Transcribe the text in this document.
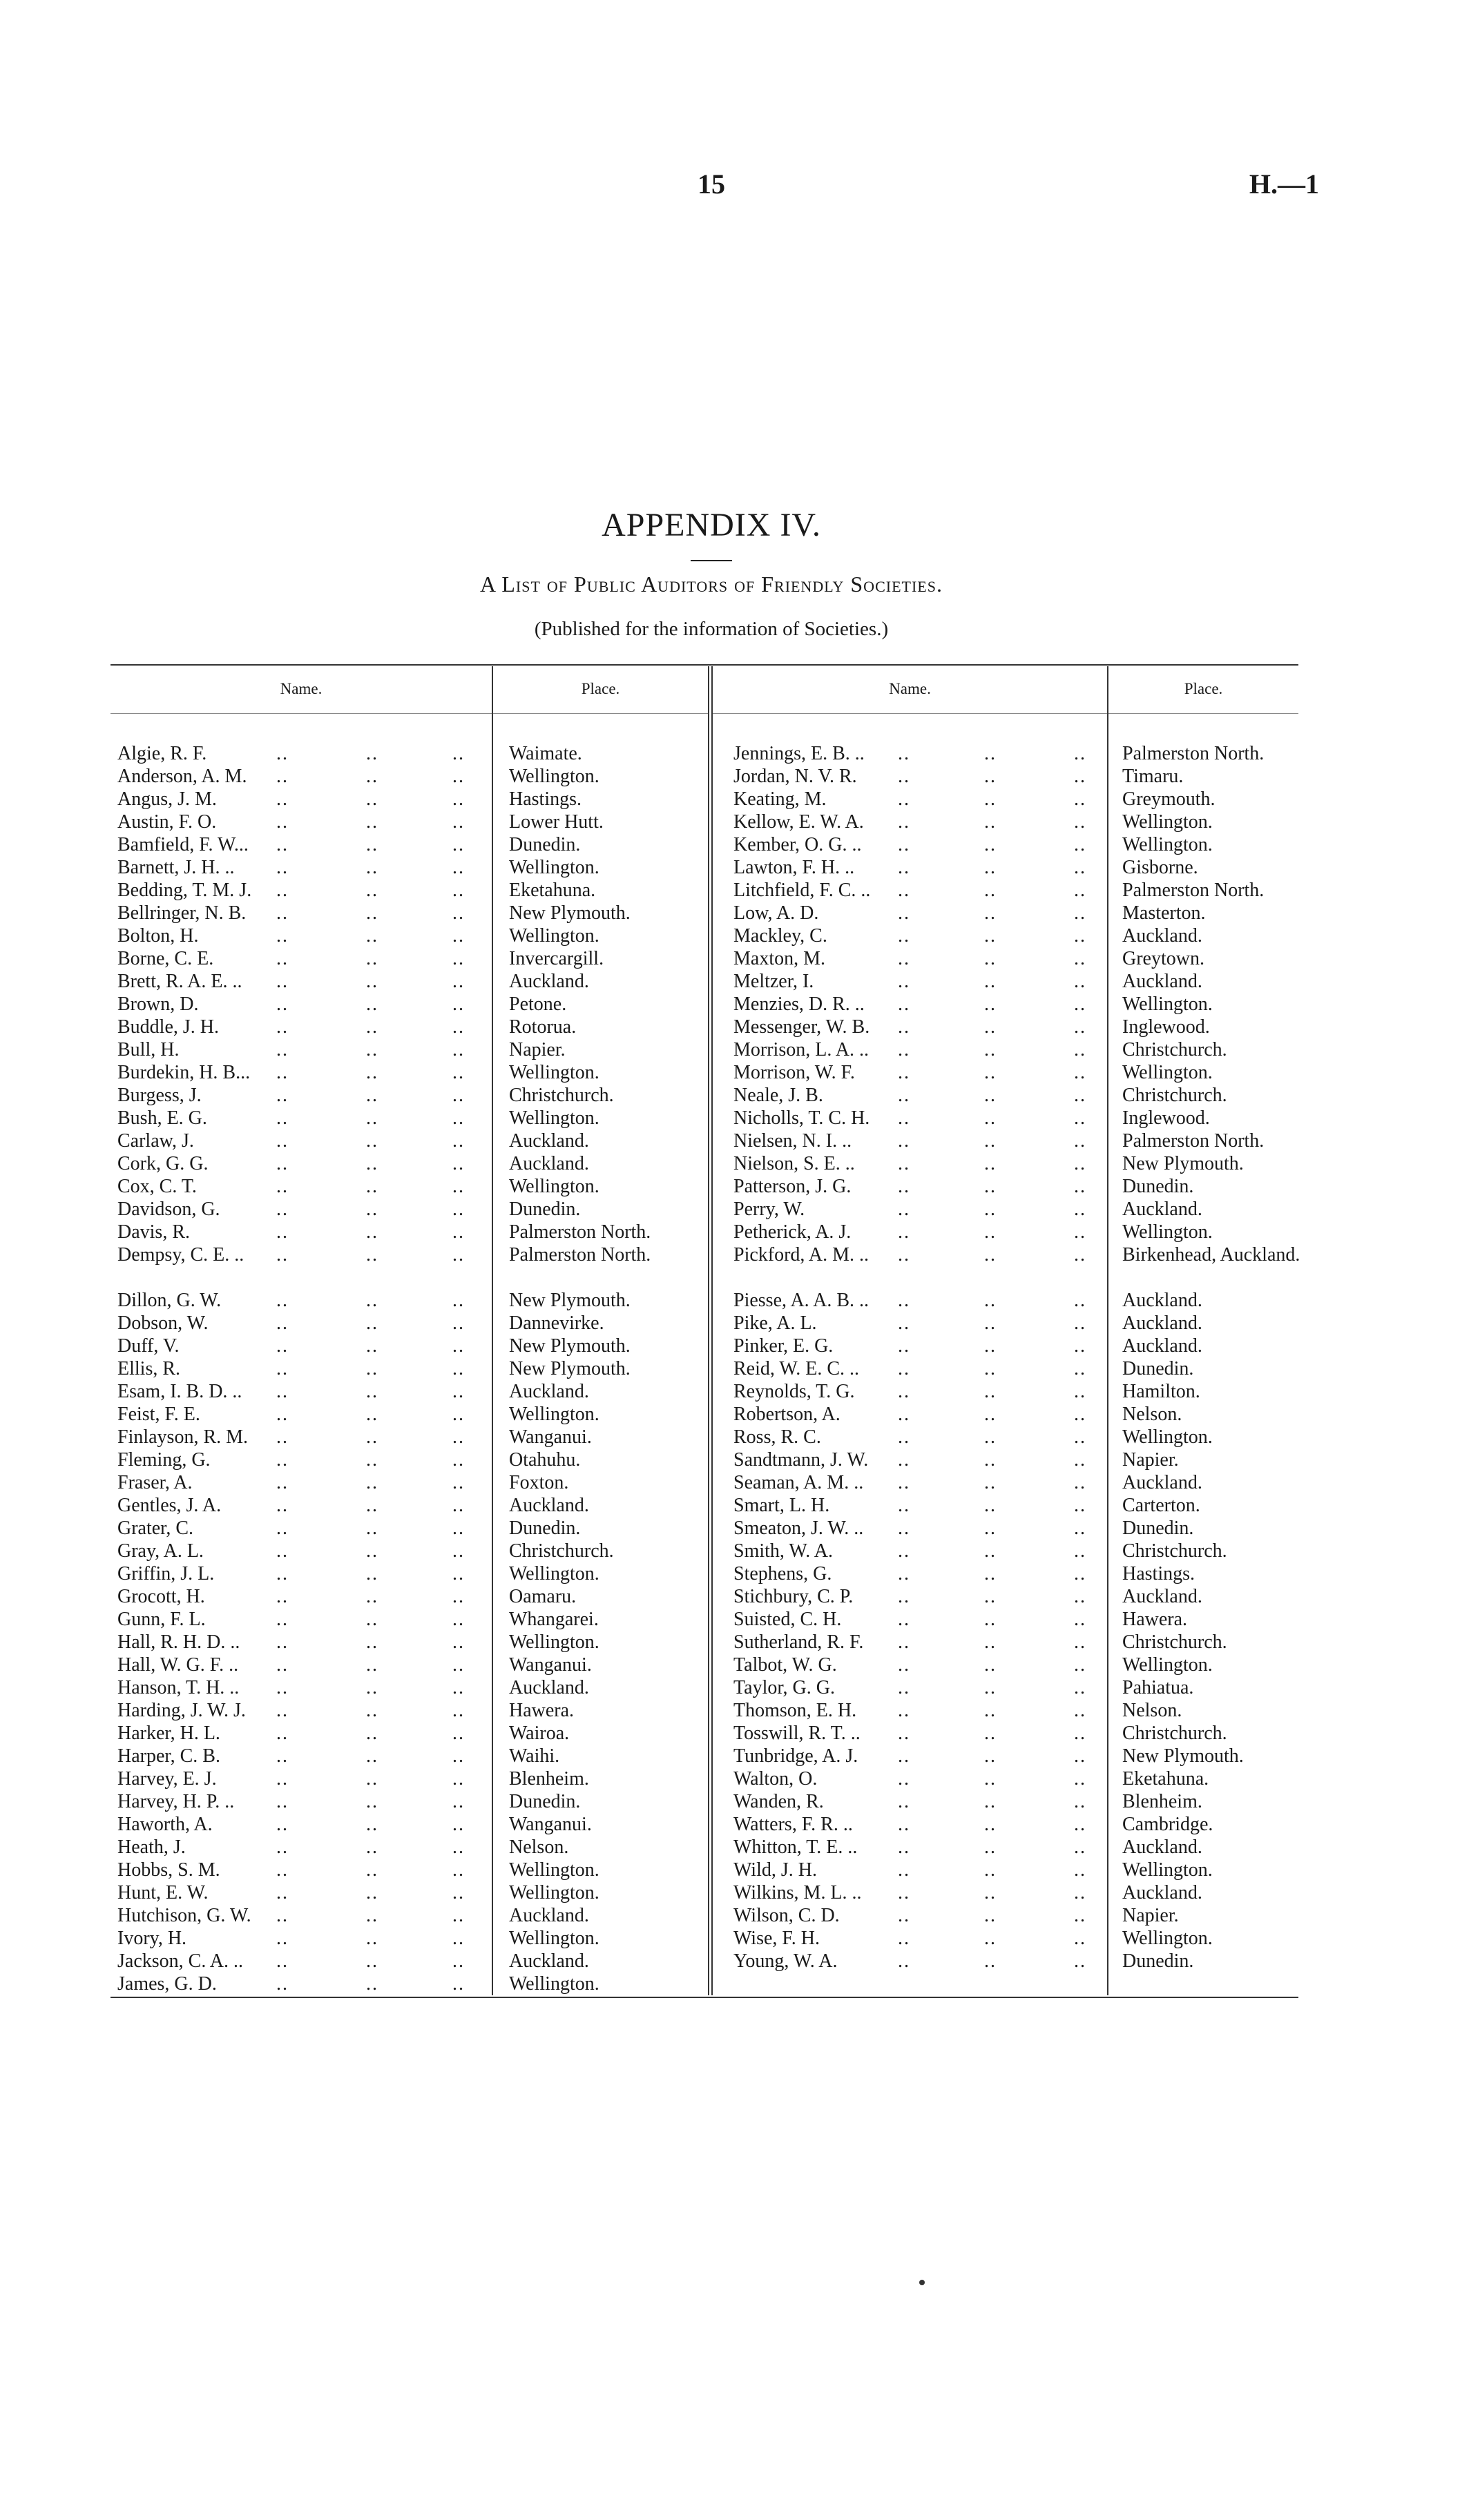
15	H.—1
APPENDIX IV.
A List of Public Auditors of Friendly Societies.
(Published for the information of Societies.)
Name.	Place.	Name.	Place.
Algie, R. F.	..	..	.. Waimate.	Jennings, E. B. .. ..	..	.. Palmerston North.
Anderson, A. M. ..	..	.. Wellington.	Jordan, N. V. R. ..	..	.. Timaru.
Angus, J. M.	..	..	.. Hastings.	Keating, M.	..	..	.. Greymouth.
Austin, F. O.	..	..	.. Lower Hutt.	Kellow, E. W. A. ..	..	.. Wellington.
Bamfield, F. W... ..	..	.. Dunedin.	Kember, O. G. .. ..	..	.. Wellington.
Barnett, J. H. .. ..	..	.. Wellington.	Lawton, F. H. .. ..	..	.. Gisborne.
Bedding, T. M. J. ..	..	.. Eketahuna.	Litchfield, F. C. .. ..	..	.. Palmerston North.
Bellringer, N. B. ..	..	.. New Plymouth.	Low, A. D.	..	..	.. Masterton.
Bolton, H.	..	..	.. Wellington.	Mackley, C.	..	..	.. Auckland.
Borne, C. E.	..	..	.. Invercargill.	Maxton, M.	..	..	.. Greytown.
Brett, R. A. E. .. ..	..	.. Auckland.	Meltzer, I.	..	..	.. Auckland.
Brown, D.	..	..	.. Petone.	Menzies, D. R. .. ..	..	.. Wellington.
Buddle, J. H.	..	..	.. Rotorua.	Messenger, W. B. ..	..	.. Inglewood.
Bull, H.	..	..	.. Napier.	Morrison, L. A. .. ..	..	.. Christchurch.
Burdekin, H. B... ..	..	.. Wellington.	Morrison, W. F. ..	..	.. Wellington.
Burgess, J.	..	..	.. Christchurch.	Neale, J. B.	..	..	.. Christchurch.
Bush, E. G.	..	..	.. Wellington.	Nicholls, T. C. H. ..	..	.. Inglewood.
Carlaw, J.	..	..	.. Auckland.	Nielsen, N. I. .. ..	..	.. Palmerston North.
Cork, G. G.	..	..	.. Auckland.	Nielson, S. E. .. ..	..	.. New Plymouth.
Cox, C. T.	..	..	.. Wellington.	Patterson, J. G. ..	..	.. Dunedin.
Davidson, G.	..	..	.. Dunedin.	Perry, W.	..	..	.. Auckland.
Davis, R.	..	..	.. Palmerston North.	Petherick, A. J. ..	..	.. Wellington.
Dempsy, C. E. .. ..	..	.. Palmerston North.	Pickford, A. M. .. ..	..	.. Birkenhead, Auckland.
Dillon, G. W.	..	..	.. New Plymouth.	Piesse, A. A. B. .. ..	..	.. Auckland.
Dobson, W.	..	..	.. Dannevirke.	Pike, A. L.	..	..	.. Auckland.
Duff, V.	..	..	.. New Plymouth.	Pinker, E. G.	..	..	.. Auckland.
Ellis, R.	..	..	.. New Plymouth.	Reid, W. E. C. .. ..	..	.. Dunedin.
Esam, I. B. D. .. ..	..	.. Auckland.	Reynolds, T. G. ..	..	.. Hamilton.
Feist, F. E.	..	..	.. Wellington.	Robertson, A.	..	..	.. Nelson.
Finlayson, R. M. ..	..	.. Wanganui.	Ross, R. C.	..	..	.. Wellington.
Fleming, G.	..	..	.. Otahuhu.	Sandtmann, J. W. ..	..	.. Napier.
Fraser, A.	..	..	.. Foxton.	Seaman, A. M. .. ..	..	.. Auckland.
Gentles, J. A.	..	..	.. Auckland.	Smart, L. H.	..	..	.. Carterton.
Grater, C.	..	..	.. Dunedin.	Smeaton, J. W. .. ..	..	.. Dunedin.
Gray, A. L.	..	..	.. Christchurch.	Smith, W. A.	..	..	.. Christchurch.
Griffin, J. L.	..	..	.. Wellington.	Stephens, G.	..	..	.. Hastings.
Grocott, H.	..	..	.. Oamaru.	Stichbury, C. P. ..	..	.. Auckland.
Gunn, F. L.	..	..	.. Whangarei.	Suisted, C. H.	..	..	.. Hawera.
Hall, R. H. D. .. ..	..	.. Wellington.	Sutherland, R. F. ..	..	.. Christchurch.
Hall, W. G. F. .. ..	..	.. Wanganui.	Talbot, W. G.	..	..	.. Wellington.
Hanson, T. H. .. ..	..	.. Auckland.	Taylor, G. G.	..	..	.. Pahiatua.
Harding, J. W. J. ..	..	.. Hawera.	Thomson, E. H. ..	..	.. Nelson.
Harker, H. L.	..	..	.. Wairoa.	Tosswill, R. T. .. ..	..	.. Christchurch.
Harper, C. B.	..	..	.. Waihi.	Tunbridge, A. J. ..	..	.. New Plymouth.
Harvey, E. J.	..	..	.. Blenheim.	Walton, O.	..	..	.. Eketahuna.
Harvey, H. P. .. ..	..	.. Dunedin.	Wanden, R.	..	..	.. Blenheim.
Haworth, A.	..	..	.. Wanganui.	Watters, F. R. .. ..	..	.. Cambridge.
Heath, J.	..	..	.. Nelson.	Whitton, T. E. .. ..	..	.. Auckland.
Hobbs, S. M.	..	..	.. Wellington.	Wild, J. H.	..	..	.. Wellington.
Hunt, E. W.	..	..	.. Wellington.	Wilkins, M. L. .. ..	..	.. Auckland.
Hutchison, G. W. ..	..	.. Auckland.	Wilson, C. D.	..	..	.. Napier.
Ivory, H.	..	..	.. Wellington.	Wise, F. H.	..	..	.. Wellington.
Jackson, C. A. .. ..	..	.. Auckland.	Young, W. A.	..	..	.. Dunedin.
James, G. D.	..	..	.. Wellington.
